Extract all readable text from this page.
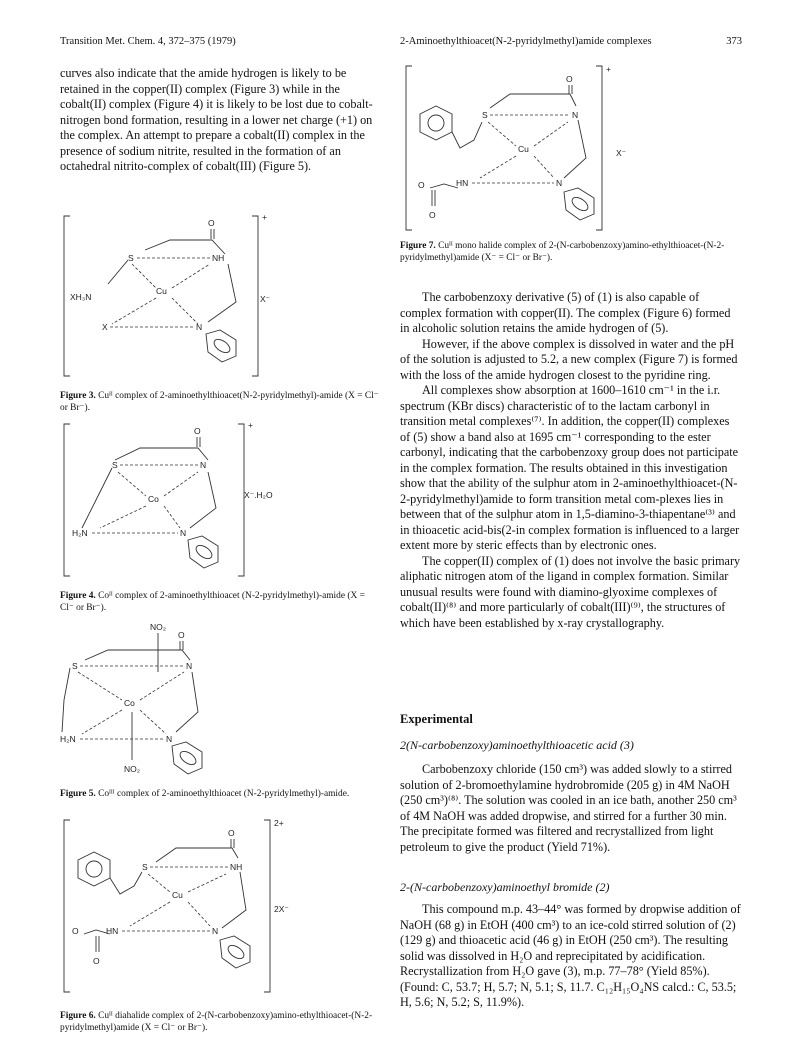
Transition Met. Chem. 4, 372–375 (1979)	2-Aminoethylthioacet(N-2-pyridylmethyl)amide complexes	373

curves also indicate that the amide hydrogen is likely to be retained in the copper(II) complex (Figure 3) while in the cobalt(II) complex (Figure 4) it is likely to be lost due to cobalt-nitrogen bond formation, resulting in a lower net charge (+1) on the complex. An attempt to prepare a cobalt(II) complex in the presence of sodium nitrite, resulted in the formation of an octahedral nitrito-complex of cobalt(III) (Figure 5).

+
O
S	NH
XH₃N
Cu
X	N
X⁻
Figure 3. Cuᴵᴵ complex of 2-aminoethylthioacet(N-2-pyridylmethyl)-amide (X = Cl⁻ or Br⁻).
+
O
S	N
Co
H₂N	N
X⁻.H₂O
Figure 4. Coᴵᴵ complex of 2-aminoethylthioacet (N-2-pyridylmethyl)-amide (X = Cl⁻ or Br⁻).
NO₂
O
S	N
Co
H₂N	N
NO₂
Figure 5. Coᴵᴵᴵ complex of 2-aminoethylthioacet (N-2-pyridylmethyl)-amide.
2+
O
S	NH
Cu
HN	N
O
O
2X⁻
Figure 6. Cuᴵᴵ diahalide complex of 2-(N-carbobenzoxy)amino-ethylthioacet-(N-2-pyridylmethyl)amide (X = Cl⁻ or Br⁻).
+
O
S	N
Cu
HN	N
O
O
X⁻
Figure 7. Cuᴵᴵ mono halide complex of 2-(N-carbobenzoxy)amino-ethylthioacet-(N-2-pyridylmethyl)amide (X⁻ = Cl⁻ or Br⁻).

The carbobenzoxy derivative (5) of (1) is also capable of complex formation with copper(II). The complex (Figure 6) formed in alcoholic solution retains the amide hydrogen of (5).

However, if the above complex is dissolved in water and the pH of the solution is adjusted to 5.2, a new complex (Figure 7) is formed with the loss of the amide hydrogen closest to the pyridine ring.

All complexes show absorption at 1600–1610 cm⁻¹ in the i.r. spectrum (KBr discs) characteristic of to the lactam carbonyl in transition metal complexes⁽⁷⁾. In addition, the copper(II) complexes of (5) show a band also at 1695 cm⁻¹ corresponding to the ester carbonyl, indicating that the carbobenzoxy group does not participate in the complex formation. The results obtained in this investigation show that the ability of the sulphur atom in 2-aminoethylthioacet-(N-2-pyridylmethyl)amide to form transition metal com-plexes lies in between that of the sulphur atom in 1,5-diamino-3-thiapentane⁽³⁾ and in thioacetic acid-bis(2-in complex formation is influenced to a larger extent more by steric effects than by electronic ones.

The copper(II) complex of (1) does not involve the basic primary aliphatic nitrogen atom of the ligand in complex formation. Similar unusual results were found with diamino-glyoxime complexes of cobalt(II)⁽⁸⁾ and more particularly of cobalt(III)⁽⁹⁾, the structures of which have been established by x-ray crystallography.

Experimental
2(N-carbobenzoxy)aminoethylthioacetic acid (3)

Carbobenzoxy chloride (150 cm³) was added slowly to a stirred solution of 2-bromoethylamine hydrobromide (205 g) in 4M NaOH (250 cm³)⁽⁸⁾. The solution was cooled in an ice bath, another 250 cm³ of 4M NaOH was added dropwise, and stirred for a further 30 min. The precipitate formed was filtered and recrystallized from light petroleum to give the product (Yield 71%).

2-(N-carbobenzoxy)aminoethyl bromide (2)

This compound m.p. 43–44° was formed by dropwise addition of NaOH (68 g) in EtOH (400 cm³) to an ice-cold stirred solution of (2) (129 g) and thioacetic acid (46 g) in EtOH (250 cm³). The resulting solid was dissolved in H₂O and reprecipitated by acidification. Recrystallization from H₂O gave (3), m.p. 77–78° (Yield 85%). (Found: C, 53.7; H, 5.7; N, 5.1; S, 11.7. C₁₂H₁₅O₄NS calcd.: C, 53.5; H, 5.6; N, 5.2; S, 11.9%).
